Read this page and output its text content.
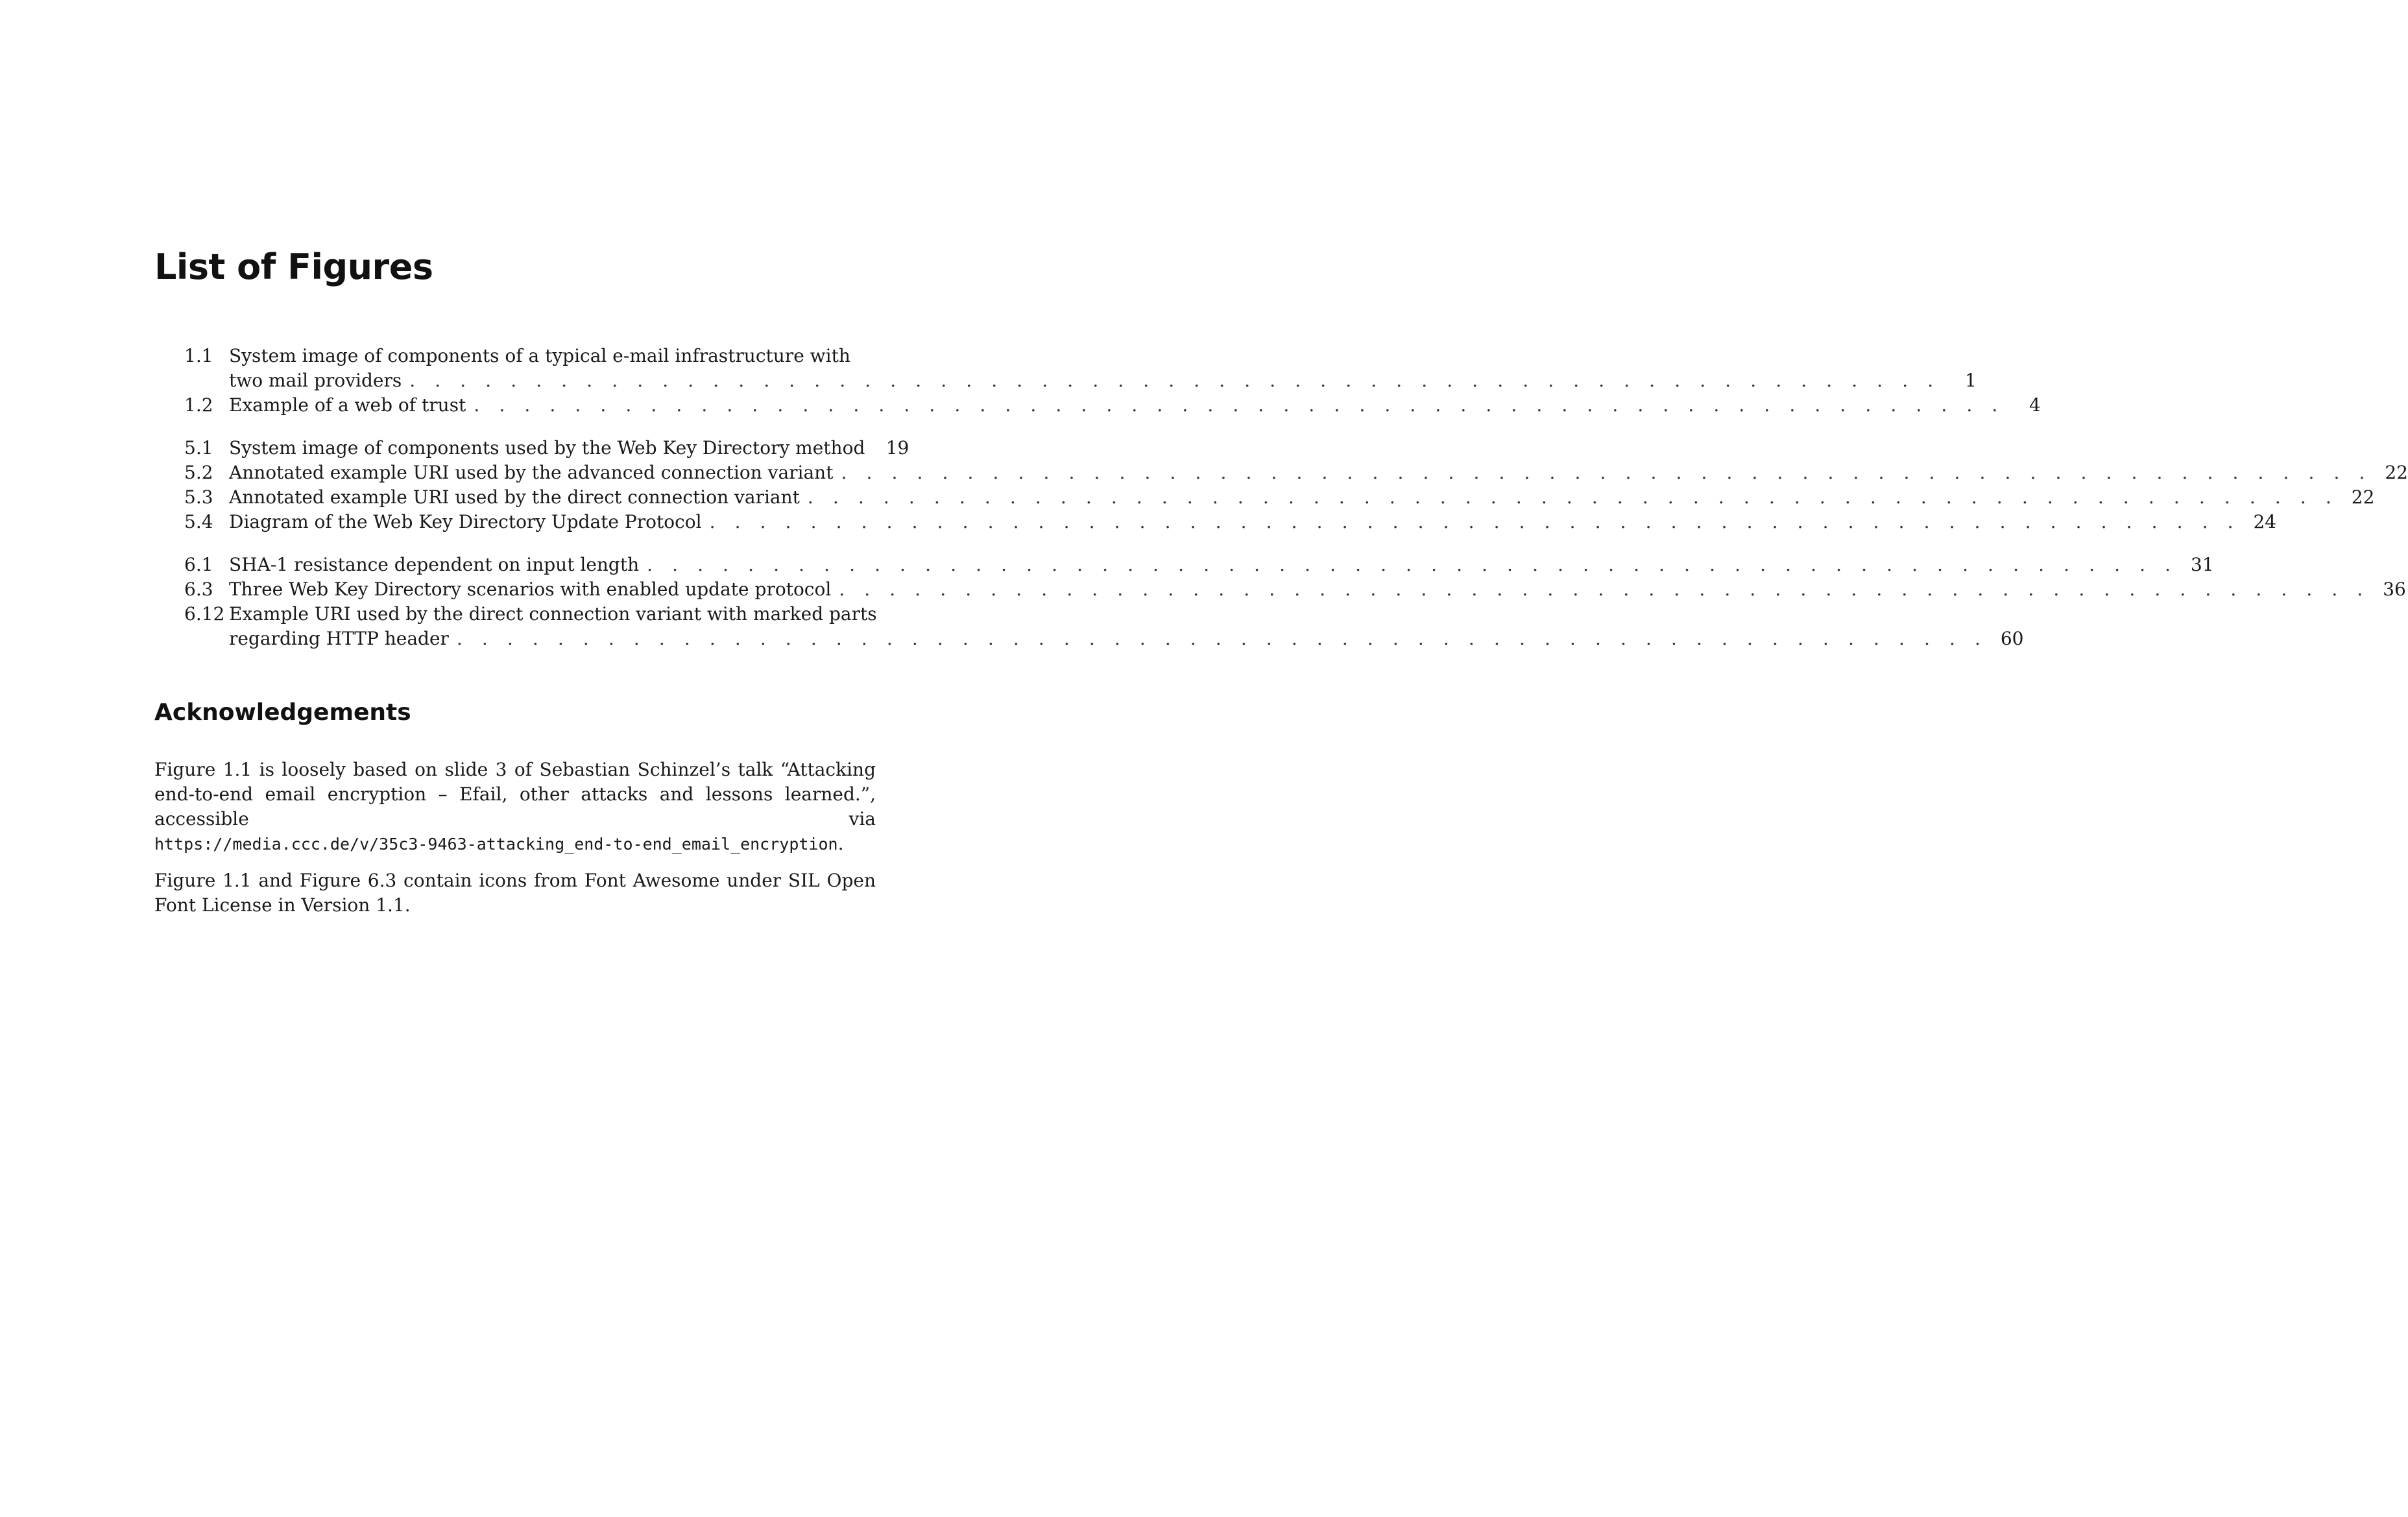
List of Figures
1.1 System image of components of a typical e-mail infrastructure with
two mail providers . . . . . . . . . . . . . . . . . . . . . . . . . . . . . . . . . . . . . . . . . . . . . . . . . . . . . . . . . . . . .	1
1.2 Example of a web of trust . . . . . . . . . . . . . . . . . . . . . . . . . . . . . . . . . . . . . . . . . . . . . . . . . . . . . . . . . . . . .	4
5.1 System image of components used by the Web Key Directory method	19
5.2 Annotated example URI used by the advanced connection variant . . . . . . . . . . . . . . . . . . . . . . . . . . . . . . . . . . . . . . . . . . . . . . . . . . . . . . . . . . . . . 22
5.3 Annotated example URI used by the direct connection variant . . . . . . . . . . . . . . . . . . . . . . . . . . . . . . . . . . . . . . . . . . . . . . . . . . . . . . . . . . . . . 22
5.4 Diagram of the Web Key Directory Update Protocol . . . . . . . . . . . . . . . . . . . . . . . . . . . . . . . . . . . . . . . . . . . . . . . . . . . . . . . . . . . . . 24
6.1 SHA-1 resistance dependent on input length . . . . . . . . . . . . . . . . . . . . . . . . . . . . . . . . . . . . . . . . . . . . . . . . . . . . . . . . . . . . . 31
6.3 Three Web Key Directory scenarios with enabled update protocol . . . . . . . . . . . . . . . . . . . . . . . . . . . . . . . . . . . . . . . . . . . . . . . . . . . . . . . . . . . . . 36
6.12 Example URI used by the direct connection variant with marked parts
regarding HTTP header . . . . . . . . . . . . . . . . . . . . . . . . . . . . . . . . . . . . . . . . . . . . . . . . . . . . . . . . . . . . . 60
Acknowledgements

Figure 1.1 is loosely based on slide 3 of Sebastian Schinzel’s talk “Attacking end-to-end email encryption – Efail, other attacks and lessons learned.”, accessible via https://media.ccc.de/v/35c3-9463-attacking_end-to-end_email_encryption.

Figure 1.1 and Figure 6.3 contain icons from Font Awesome under SIL Open Font License in Version 1.1.
